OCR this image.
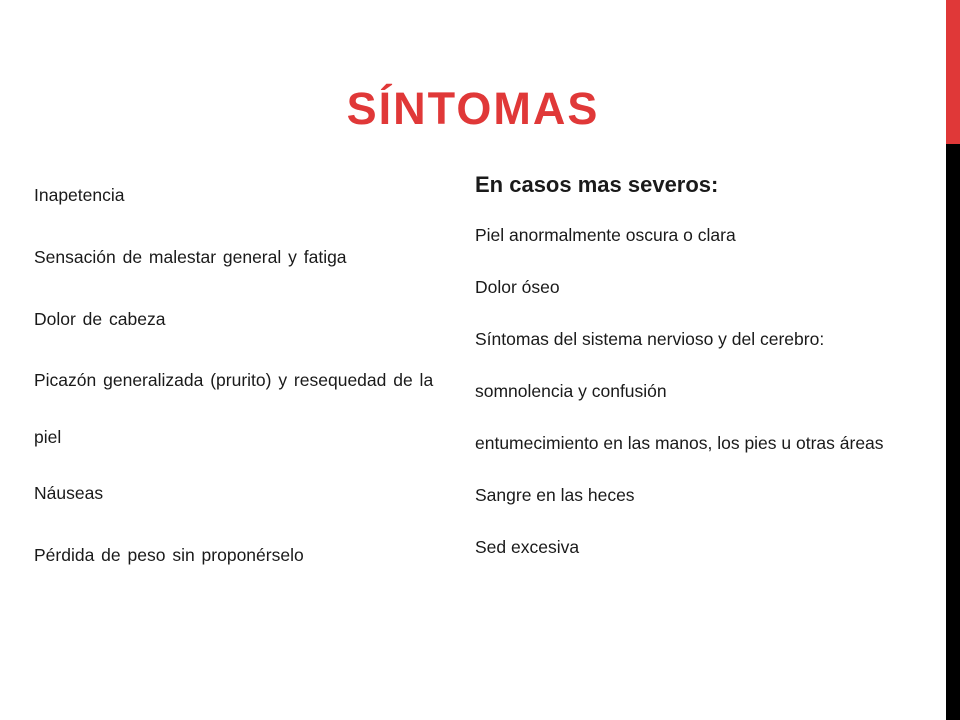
SÍNTOMAS

Inapetencia

Sensación de malestar general y fatiga

Dolor de cabeza

Picazón generalizada (prurito) y resequedad de la piel

Náuseas

Pérdida de peso sin proponérselo

En casos mas severos:

Piel anormalmente oscura o clara

Dolor óseo

Síntomas del sistema nervioso y del cerebro:

somnolencia y confusión

entumecimiento en las manos, los pies u otras áreas

Sangre en las heces

Sed excesiva
